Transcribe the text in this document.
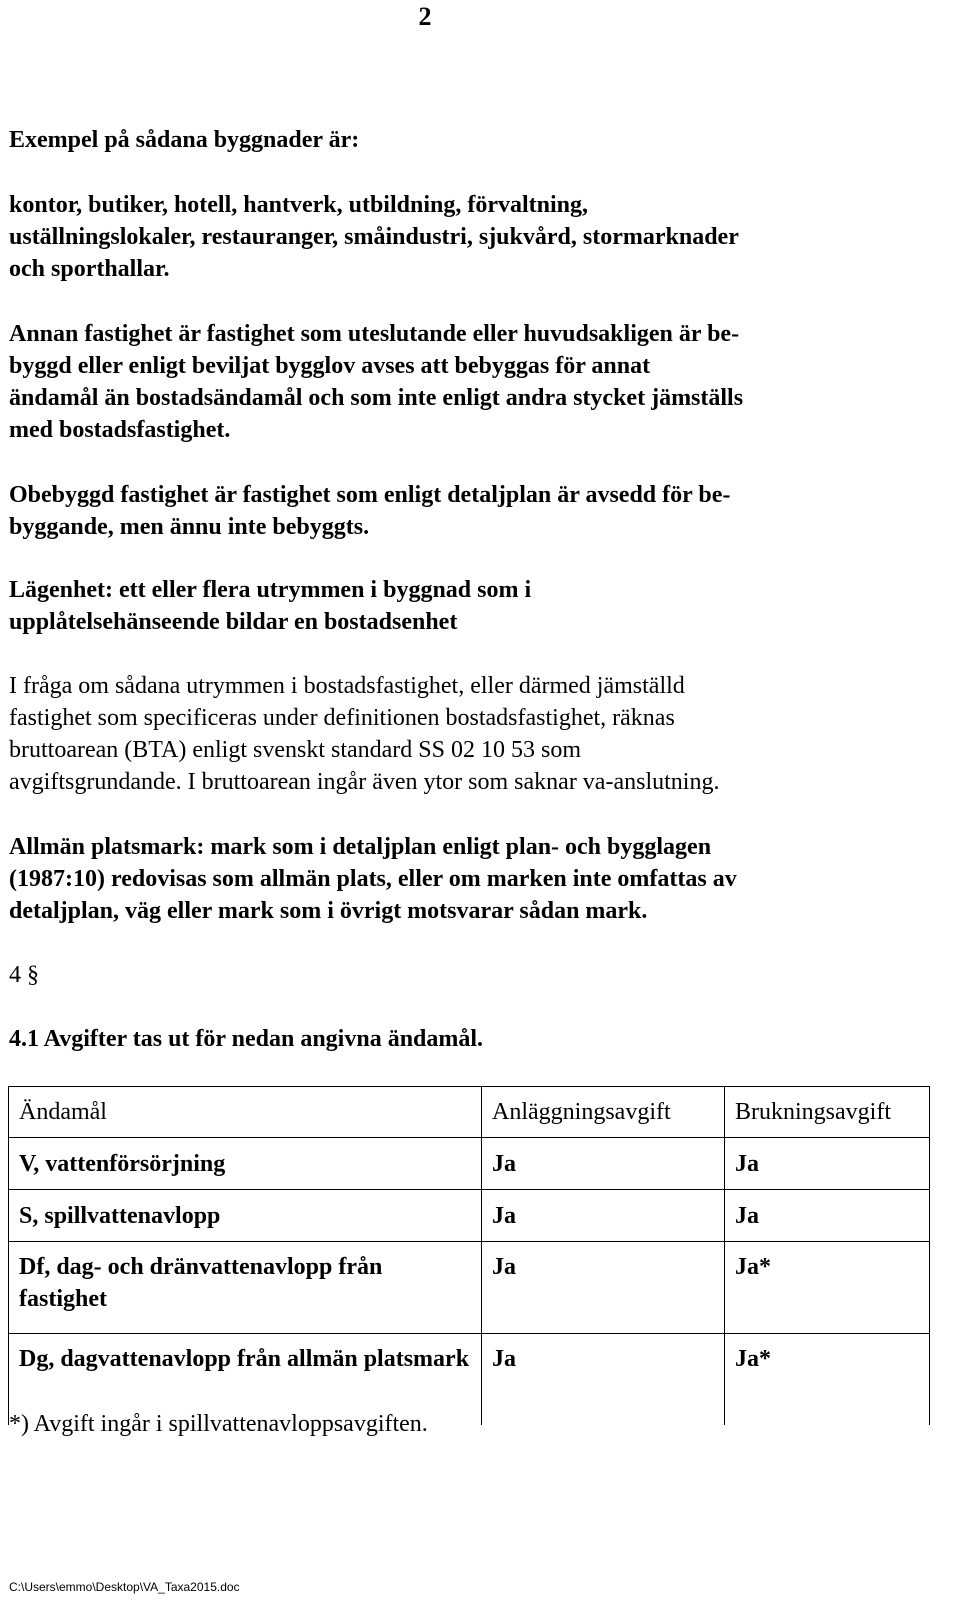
2
Exempel på sådana byggnader är:
kontor, butiker, hotell, hantverk, utbildning, förvaltning,
uställningslokaler, restauranger, småindustri, sjukvård, stormarknader
och sporthallar.
Annan fastighet är fastighet som uteslutande eller huvudsakligen är be-
byggd eller enligt beviljat bygglov avses att bebyggas för annat
ändamål än bostadsändamål och som inte enligt andra stycket jämställs
med bostadsfastighet.
Obebyggd fastighet är fastighet som enligt detaljplan är avsedd för be-
byggande, men ännu inte bebyggts.
Lägenhet: ett eller flera utrymmen i byggnad som i
upplåtelsehänseende bildar en bostadsenhet
I fråga om sådana utrymmen i bostadsfastighet, eller därmed jämställd
fastighet som specificeras under definitionen bostadsfastighet, räknas
bruttoarean (BTA) enligt svenskt standard SS 02 10 53 som
avgiftsgrundande. I bruttoarean ingår även ytor som saknar va-anslutning.
Allmän platsmark: mark som i detaljplan enligt plan- och bygglagen
(1987:10) redovisas som allmän plats, eller om marken inte omfattas av
detaljplan, väg eller mark som i övrigt motsvarar sådan mark.
4 §
4.1 Avgifter tas ut för nedan angivna ändamål.
Ändamål	Anläggningsavgift	Brukningsavgift
V, vattenförsörjning	Ja	Ja
S, spillvattenavlopp	Ja	Ja
Df, dag- och dränvattenavlopp från fastighet	Ja	Ja*
Dg, dagvattenavlopp från allmän platsmark	Ja	Ja*
*) Avgift ingår i spillvattenavloppsavgiften.
C:\Users\emmo\Desktop\VA_Taxa2015.doc
